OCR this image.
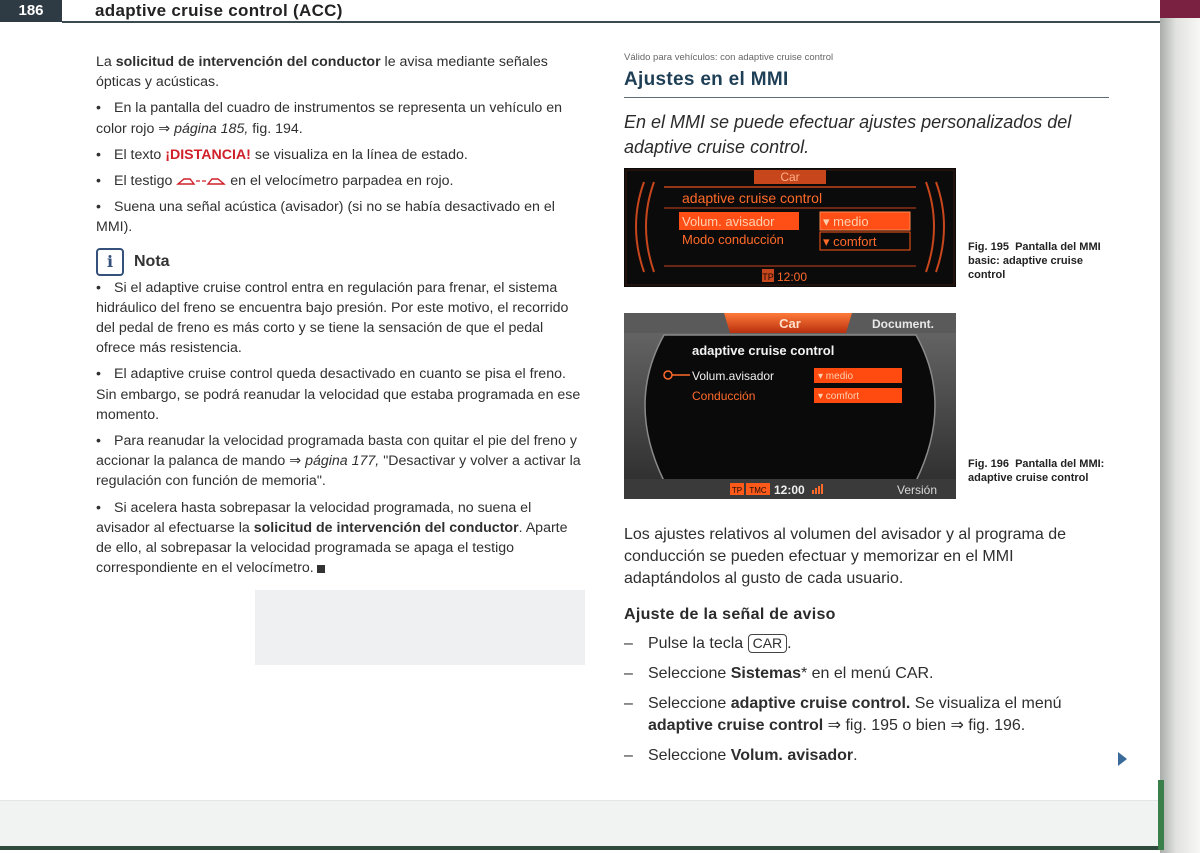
186	adaptive cruise control (ACC)

La solicitud de intervención del conductor le avisa mediante señales ópticas y acústicas.

• En la pantalla del cuadro de instrumentos se representa un vehículo en color rojo ⇒ página 185, fig. 194.

• El texto ¡DISTANCIA! se visualiza en la línea de estado.

• El testigo	en el velocímetro parpadea en rojo.

• Suena una señal acústica (avisador) (si no se había desactivado en el MMI).

i	Nota

• Si el adaptive cruise control entra en regulación para frenar, el sistema hidráulico del freno se encuentra bajo presión. Por este motivo, el recorrido del pedal de freno es más corto y se tiene la sensación de que el pedal ofrece más resistencia.

• El adaptive cruise control queda desactivado en cuanto se pisa el freno. Sin embargo, se podrá reanudar la velocidad que estaba programada en ese momento.

• Para reanudar la velocidad programada basta con quitar el pie del freno y accionar la palanca de mando ⇒ página 177, "Desactivar y volver a activar la regulación con función de memoria".

• Si acelera hasta sobrepasar la velocidad programada, no suena el avisador al efectuarse la solicitud de intervención del conductor. Aparte de ello, al sobrepasar la velocidad programada se apaga el testigo correspondiente en el velocímetro.

Válido para vehículos: con adaptive cruise control
Ajustes en el MMI
En el MMI se puede efectuar ajustes personalizados del adaptive cruise control.
Car
adaptive cruise control
Volum. avisador	▾ medio
Modo conducción	▾ comfort
TP 12:00
Fig. 195 Pantalla del MMI basic: adaptive cruise control
Car	Document.
adaptive cruise control
Volum.avisador	▾ medio
Conducción	▾ comfort
TP TMC 12:00	Versión
Fig. 196 Pantalla del MMI: adaptive cruise control
Los ajustes relativos al volumen del avisador y al programa de conducción se pueden efectuar y memorizar en el MMI adaptándolos al gusto de cada usuario.
Ajuste de la señal de aviso
– Pulse la tecla CAR .
– Seleccione Sistemas* en el menú CAR.
– Seleccione adaptive cruise control. Se visualiza el menú adaptive cruise control ⇒ fig. 195 o bien ⇒ fig. 196.
– Seleccione Volum. avisador.
